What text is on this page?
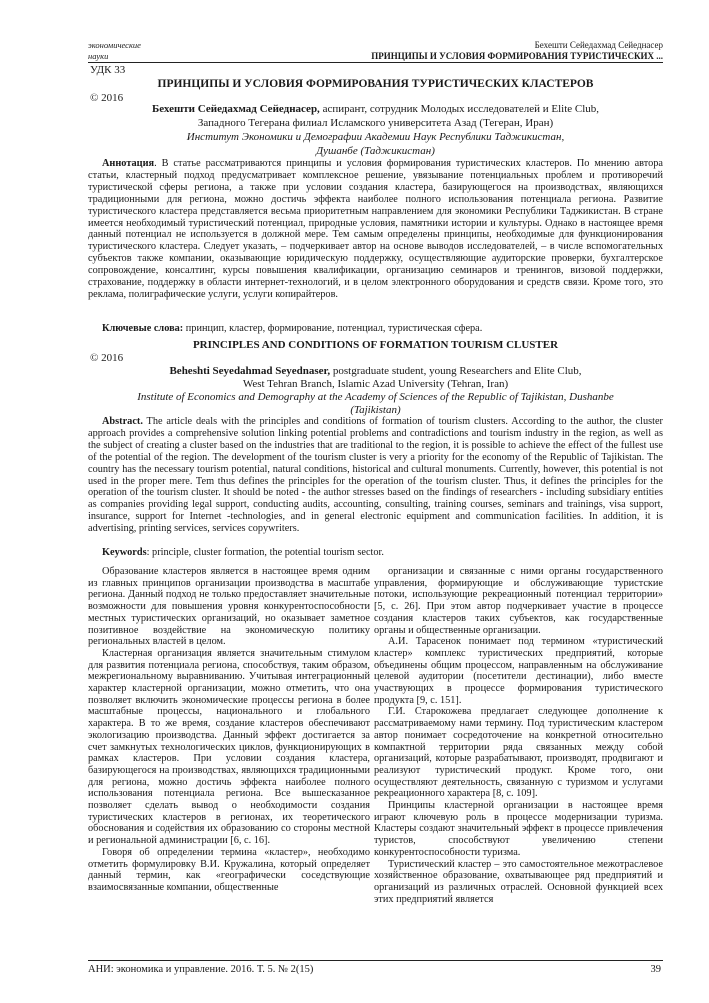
экономические
науки
Бехешти Сейедахмад Сейеднасер
ПРИНЦИПЫ И УСЛОВИЯ ФОРМИРОВАНИЯ ТУРИСТИЧЕСКИХ ...
УДК 33
ПРИНЦИПЫ И УСЛОВИЯ ФОРМИРОВАНИЯ ТУРИСТИЧЕСКИХ КЛАСТЕРОВ
© 2016
Бехешти Сейедахмад Сейеднасер, аспирант, сотрудник Молодых исследователей и Elite Club,
Западного Тегерана филиал Исламского университета Азад (Тегеран, Иран)
Институт Экономики и Демографии Академии Наук Республики Таджикистан,
Душанбе (Таджикистан)
Аннотация. В статье рассматриваются принципы и условия формирования туристических кластеров. По мнению автора статьи, кластерный подход предусматривает комплексное решение, увязывание потенциальных проблем и противоречий туристической сферы региона, а также при условии создания кластера, базирующегося на производствах, являющихся традиционными для региона, можно достичь эффекта наиболее полного использования потенциала региона. Развитие туристического кластера представляется весьма приоритетным направлением для экономики Республики Таджикистан. В стране имеется необходимый туристический потенциал, природные условия, памятники истории и культуры. Однако в настоящее время данный потенциал не используется в должной мере. Тем самым определены принципы, необходимые для функционирования туристического кластера. Следует указать, – подчеркивает автор на основе выводов исследователей, – в числе вспомогательных субъектов также компании, оказывающие юридическую поддержку, осуществляющие аудиторские проверки, бухгалтерское сопровождение, консалтинг, курсы повышения квалификации, организацию семинаров и тренингов, визовой поддержки, страхование, поддержку в области интернет-технологий, и в целом электронного оборудования и средств связи. Кроме того, это реклама, полиграфические услуги, услуги копирайтеров.
Ключевые слова: принцип, кластер, формирование, потенциал, туристическая сфера.
PRINCIPLES AND CONDITIONS OF FORMATION TOURISM CLUSTER
© 2016
Beheshti Seyedahmad Seyednaser, postgraduate student, young Researchers and Elite Club,
West Tehran Branch, Islamic Azad University (Tehran, Iran)
Institute of Economics and Demography at the Academy of Sciences of the Republic of Tajikistan, Dushanbe
(Tajikistan)
Abstract. The article deals with the principles and conditions of formation of tourism clusters. According to the author, the cluster approach provides a comprehensive solution linking potential problems and contradictions and tourism industry in the region, as well as the subject of creating a cluster based on the industries that are traditional to the region, it is possible to achieve the effect of the fullest use of the potential of the region. The development of the tourism cluster is very a priority for the economy of the Republic of Tajikistan. The country has the necessary tourism potential, natural conditions, historical and cultural monuments. Currently, however, this potential is not used in the proper mere. Tem thus defines the principles for the operation of the tourism cluster. Thus, it defines the principles for the operation of the tourism cluster. It should be noted - the author stresses based on the findings of researchers - including subsidiary entities as companies providing legal support, conducting audits, accounting, consulting, training courses, seminars and trainings, visa support, insurance, support for Internet -technologies, and in general electronic equipment and communication facilities. In addition, it is advertising, printing services, services copywriters.
Keywords: principle, cluster formation, the potential tourism sector.

Образование кластеров является в настоящее время одним из главных принципов организации производства в масштабе региона. Данный подход не только предоставляет значительные возможности для повышения уровня конкурентоспособности местных туристических организаций, но оказывает заметное позитивное воздействие на экономическую политику региональных властей в целом.

Кластерная организация является значительным стимулом для развития потенциала региона, способствуя, таким образом, межрегиональному выравниванию. Учитывая интеграционный характер кластерной организации, можно отметить, что она позволяет включить экономические процессы региона в более масштабные процессы, национального и глобального характера. В то же время, создание кластеров обеспечивают экологизацию производства. Данный эффект достигается за счет замкнутых технологических циклов, функционирующих в рамках кластеров. При условии создания кластера, базирующегося на производствах, являющихся традиционными для региона, можно достичь эффекта наиболее полного использования потенциала региона. Все вышесказанное позволяет сделать вывод о необходимости создания туристических кластеров в регионах, их теоретического обоснования и содействия их образованию со стороны местной и региональной администрации [6, с. 16].

Говоря об определении термина «кластер», необходимо отметить формулировку В.И. Кружалина, который определяет данный термин, как «географически соседствующие взаимосвязанные компании, общественные

организации и связанные с ними органы государственного управления, формирующие и обслуживающие туристские потоки, использующие рекреационный потенциал территории» [5, с. 26]. При этом автор подчеркивает участие в процессе создания кластеров таких субъектов, как государственные органы и общественные организации.

А.И. Тарасенок понимает под термином «туристический кластер» комплекс туристических предприятий, которые объединены общим процессом, направленным на обслуживание целевой аудитории (посетители дестинации), либо вместе участвующих в процессе формирования туристического продукта [9, с. 151].

Г.И. Старокожева предлагает следующее дополнение к рассматриваемому нами термину. Под туристическим кластером автор понимает сосредоточение на конкретной относительно компактной территории ряда связанных между собой организаций, которые разрабатывают, производят, продвигают и реализуют туристический продукт. Кроме того, они осуществляют деятельность, связанную с туризмом и услугами рекреационного характера [8, с. 109].

Принципы кластерной организации в настоящее время играют ключевую роль в процессе модернизации туризма. Кластеры создают значительный эффект в процессе привлечения туристов, способствуют увеличению степени конкурентоспособности туризма.

Туристический кластер – это самостоятельное межотраслевое хозяйственное образование, охватывающее ряд предприятий и организаций из различных отраслей. Основной функцией всех этих предприятий является

АНИ: экономика и управление. 2016. Т. 5. № 2(15)	39
